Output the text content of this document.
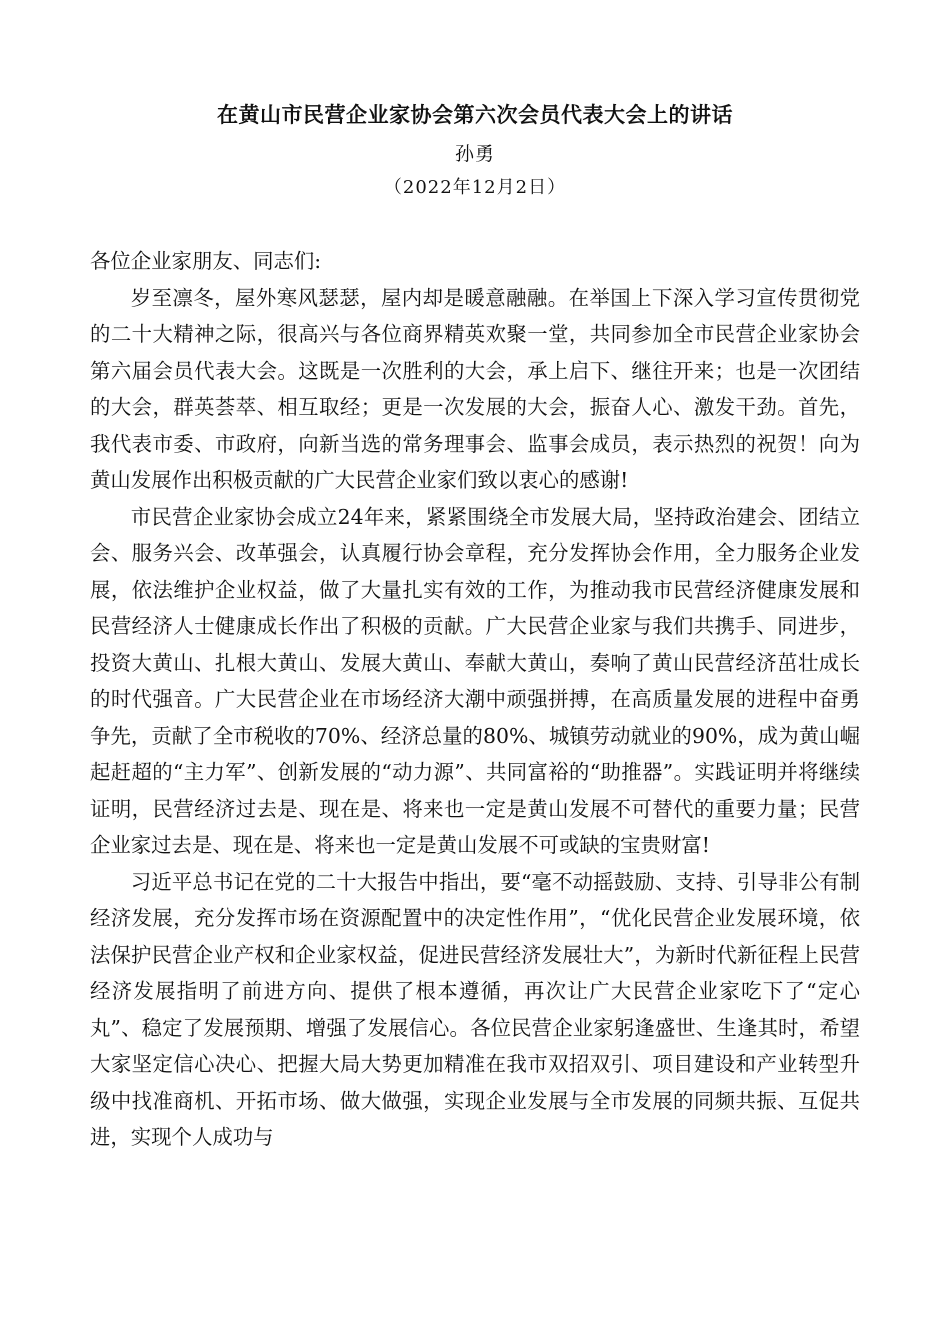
在黄山市民营企业家协会第六次会员代表大会上的讲话
孙勇
（2022年12月2日）

各位企业家朋友、同志们:

岁至凛冬，屋外寒风瑟瑟，屋内却是暖意融融。在举国上下深入学习宣传贯彻党的二十大精神之际，很高兴与各位商界精英欢聚一堂，共同参加全市民营企业家协会第六届会员代表大会。这既是一次胜利的大会，承上启下、继往开来；也是一次团结的大会，群英荟萃、相互取经；更是一次发展的大会，振奋人心、激发干劲。首先，我代表市委、市政府，向新当选的常务理事会、监事会成员，表示热烈的祝贺！向为黄山发展作出积极贡献的广大民营企业家们致以衷心的感谢!

市民营企业家协会成立24年来，紧紧围绕全市发展大局，坚持政治建会、团结立会、服务兴会、改革强会，认真履行协会章程，充分发挥协会作用，全力服务企业发展，依法维护企业权益，做了大量扎实有效的工作，为推动我市民营经济健康发展和民营经济人士健康成长作出了积极的贡献。广大民营企业家与我们共携手、同进步，投资大黄山、扎根大黄山、发展大黄山、奉献大黄山，奏响了黄山民营经济茁壮成长的时代强音。广大民营企业在市场经济大潮中顽强拼搏，在高质量发展的进程中奋勇争先，贡献了全市税收的70%、经济总量的80%、城镇劳动就业的90%，成为黄山崛起赶超的“主力军”、创新发展的“动力源”、共同富裕的“助推器”。实践证明并将继续证明，民营经济过去是、现在是、将来也一定是黄山发展不可替代的重要力量；民营企业家过去是、现在是、将来也一定是黄山发展不可或缺的宝贵财富!

习近平总书记在党的二十大报告中指出，要“毫不动摇鼓励、支持、引导非公有制经济发展，充分发挥市场在资源配置中的决定性作用”，“优化民营企业发展环境，依法保护民营企业产权和企业家权益，促进民营经济发展壮大”，为新时代新征程上民营经济发展指明了前进方向、提供了根本遵循，再次让广大民营企业家吃下了“定心丸”、稳定了发展预期、增强了发展信心。各位民营企业家躬逢盛世、生逢其时，希望大家坚定信心决心、把握大局大势更加精准在我市双招双引、项目建设和产业转型升级中找准商机、开拓市场、做大做强，实现企业发展与全市发展的同频共振、互促共进，实现个人成功与
